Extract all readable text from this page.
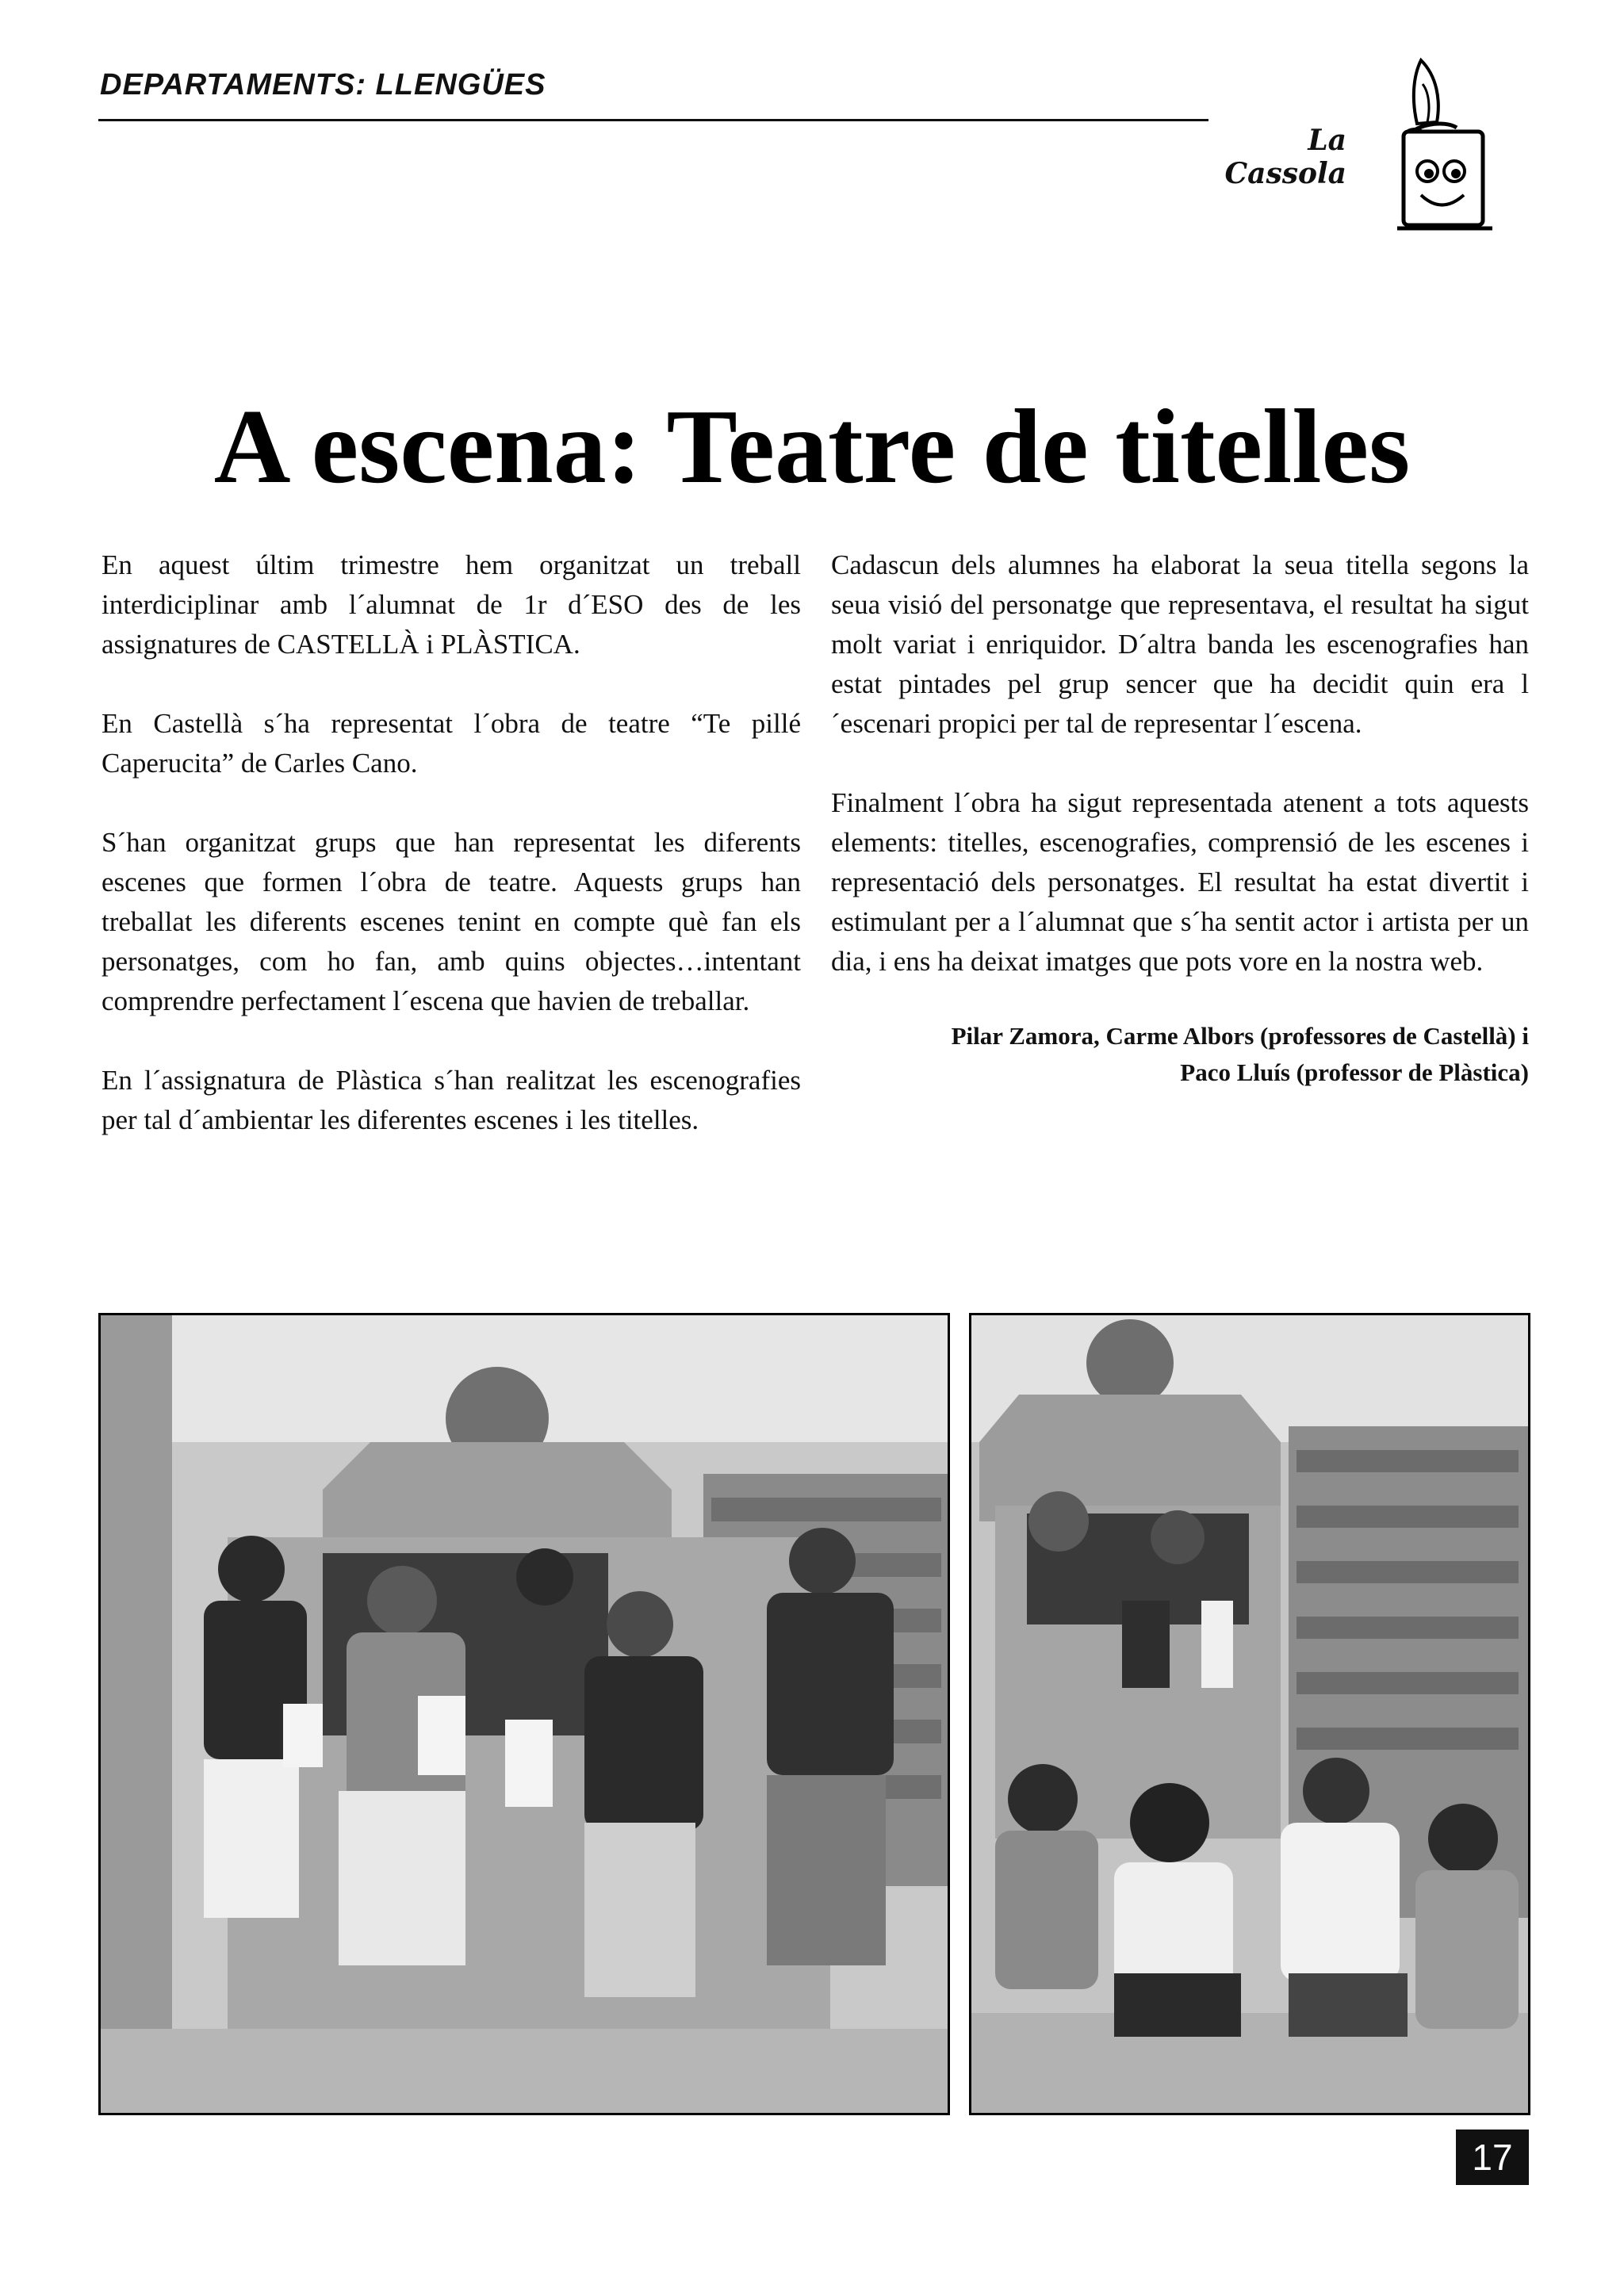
DEPARTAMENTS: LLENGÜES
La Cassola
A escena: Teatre de titelles

En aquest últim trimestre hem organitzat un treball interdiciplinar amb l´alumnat de 1r d´ESO des de les assignatures de CASTELLÀ i PLÀSTICA.

En Castellà s´ha representat l´obra de teatre “Te pillé Caperucita” de Carles Cano.

S´han organitzat grups que han representat les diferents escenes que formen l´obra de teatre. Aquests grups han treballat les diferents escenes tenint en compte què fan els personatges, com ho fan, amb quins objectes…intentant comprendre perfectament l´escena que havien de treballar.

En l´assignatura de Plàstica s´han realitzat les escenografies per tal d´ambientar les diferentes escenes i les titelles.

Cadascun dels alumnes ha elaborat la seua titella segons la seua visió del personatge que representava, el resultat ha sigut molt variat i enriquidor. D´altra banda les escenografies han estat pintades pel grup sencer que ha decidit quin era l´escenari propici per tal de representar l´escena.

Finalment l´obra ha sigut representada atenent a tots aquests elements: titelles, escenografies, comprensió de les escenes i representació dels personatges. El resultat ha estat divertit i estimulant per a l´alumnat que s´ha sentit actor i artista per un dia, i ens ha deixat imatges que pots vore en la nostra web.

Pilar Zamora, Carme Albors (professores de Castellà) i
Paco Lluís (professor de Plàstica)
17
